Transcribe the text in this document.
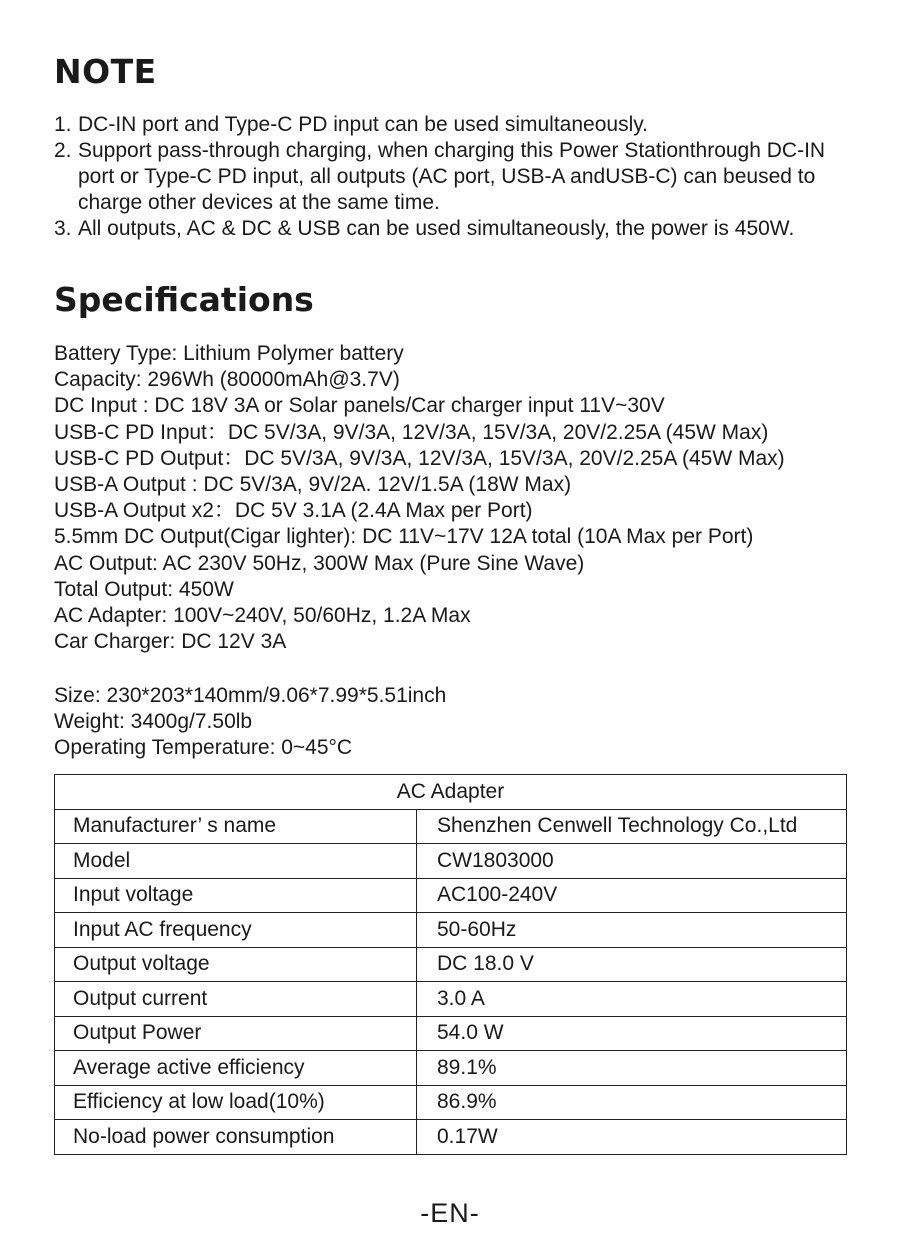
NOTE
1. DC-IN port and Type-C PD input can be used simultaneously.
2. Support pass-through charging, when charging this Power Stationthrough DC-IN port or Type-C PD input, all outputs (AC port, USB-A andUSB-C) can beused to charge other devices at the same time.
3. All outputs, AC & DC & USB can be used simultaneously, the power is 450W.
Specifications
Battery Type: Lithium Polymer battery
Capacity: 296Wh (80000mAh@3.7V)
DC Input : DC 18V 3A or Solar panels/Car charger input 11V~30V
USB-C PD Input：DC 5V/3A, 9V/3A, 12V/3A, 15V/3A, 20V/2.25A (45W Max)
USB-C PD Output：DC 5V/3A, 9V/3A, 12V/3A, 15V/3A, 20V/2.25A (45W Max)
USB-A Output : DC 5V/3A, 9V/2A. 12V/1.5A (18W Max)
USB-A Output x2：DC 5V 3.1A (2.4A Max per Port)
5.5mm DC Output(Cigar lighter): DC 11V~17V 12A total (10A Max per Port)
AC Output: AC 230V 50Hz, 300W Max (Pure Sine Wave)
Total Output: 450W
AC Adapter: 100V~240V, 50/60Hz, 1.2A Max
Car Charger: DC 12V 3A
Size: 230*203*140mm/9.06*7.99*5.51inch
Weight: 3400g/7.50lb
Operating Temperature: 0~45°C
AC Adapter	
Manufacturer’ s name	Shenzhen Cenwell Technology Co.,Ltd
Model	CW1803000
Input voltage	AC100-240V
Input AC frequency	50-60Hz
Output voltage	DC 18.0 V
Output current	3.0 A
Output Power	54.0 W
Average active efficiency	89.1%
Efficiency at low load(10%)	86.9%
No-load power consumption	0.17W
-EN-
